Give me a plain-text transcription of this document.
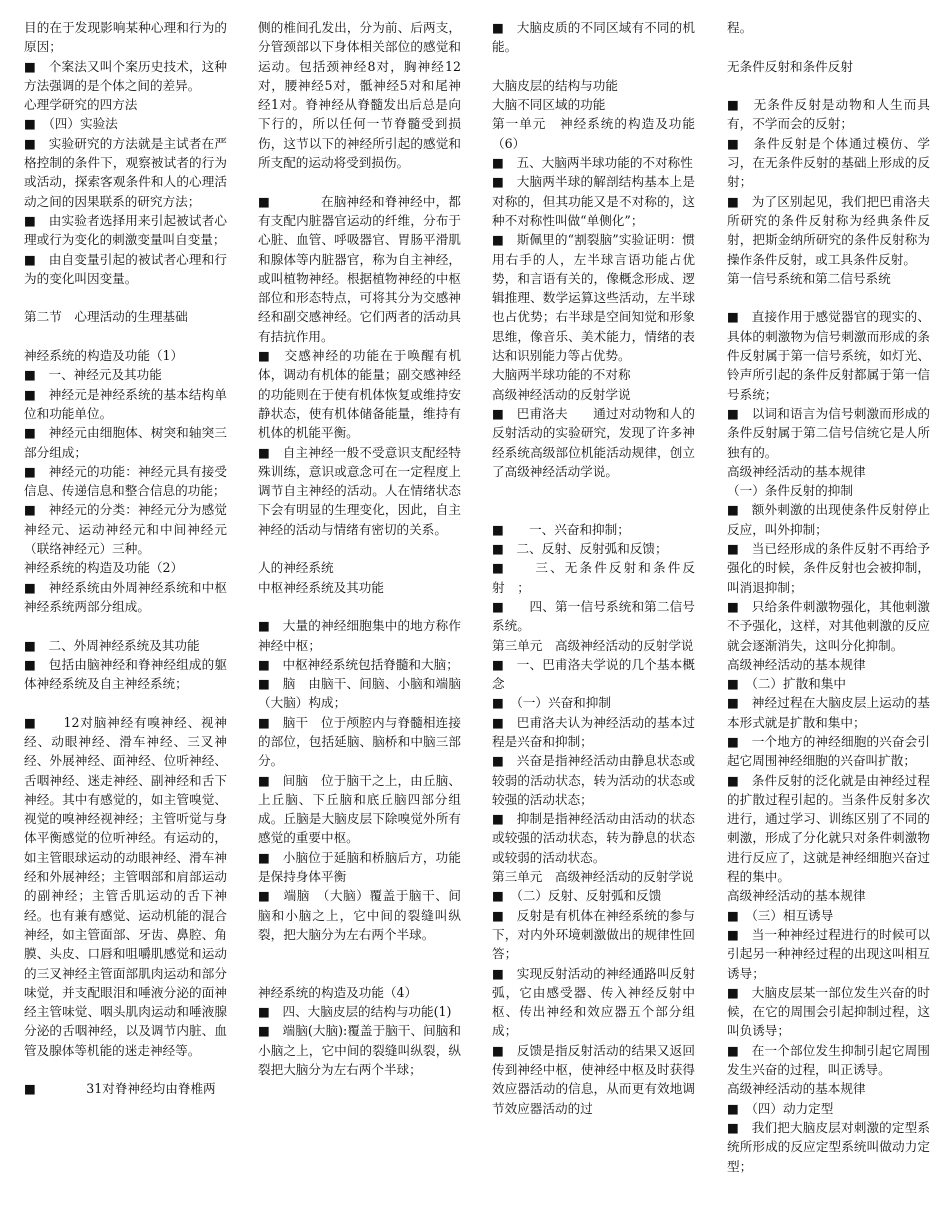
目的在于发现影响某种心理和行为的原因；

■　个案法又叫个案历史技术，这种方法强调的是个体之间的差异。

心理学研究的四方法

■　（四）实验法

■　实验研究的方法就是主试者在严格控制的条件下，观察被试者的行为或活动，探索客观条件和人的心理活动之间的因果联系的研究方法；

■　由实验者选择用来引起被试者心理或行为变化的刺激变量叫自变量；

■　由自变量引起的被试者心理和行为的变化叫因变量。

第二节　心理活动的生理基础

神经系统的构造及功能（1）

■　一、神经元及其功能

■　神经元是神经系统的基本结构单位和功能单位。

■　神经元由细胞体、树突和轴突三部分组成；

■　神经元的功能：神经元具有接受信息、传递信息和整合信息的功能；

■　神经元的分类：神经元分为感觉神经元、运动神经元和中间神经元（联络神经元）三种。

神经系统的构造及功能（2）

■　神经系统由外周神经系统和中枢神经系统两部分组成。

■　二、外周神经系统及其功能

■　包括由脑神经和脊神经组成的躯体神经系统及自主神经系统；

■　　12对脑神经有嗅神经、视神经、动眼神经、滑车神经、三叉神经、外展神经、面神经、位听神经、舌咽神经、迷走神经、副神经和舌下神经。其中有感觉的，如主管嗅觉、视觉的嗅神经视神经；主管听觉与身体平衡感觉的位听神经。有运动的，如主管眼球运动的动眼神经、滑车神经和外展神经；主管咽部和肩部运动的副神经；主管舌肌运动的舌下神经。也有兼有感觉、运动机能的混合神经，如主管面部、牙齿、鼻腔、角膜、头皮、口唇和咀嚼肌感觉和运动的三叉神经主管面部肌肉运动和部分味觉，并支配眼泪和唾液分泌的面神经主管味觉、咽头肌肉运动和唾液腺分泌的舌咽神经，以及调节内脏、血管及腺体等机能的迷走神经等。

■　　　　31对脊神经均由脊椎两

侧的椎间孔发出，分为前、后两支，分管颈部以下身体相关部位的感觉和运动。包括颈神经8对，胸神经12对，腰神经5对，骶神经5对和尾神经1对。脊神经从脊髓发出后总是向下行的，所以任何一节脊髓受到损伤，这节以下的神经所引起的感觉和所支配的运动将受到损伤。

■　　　　在脑神经和脊神经中，都有支配内脏器官运动的纤维，分布于心脏、血管、呼吸器官、胃肠平滑肌和腺体等内脏器官，称为自主神经，或叫植物神经。根据植物神经的中枢部位和形态特点，可将其分为交感神经和副交感神经。它们两者的活动具有拮抗作用。

■　交感神经的功能在于唤醒有机体，调动有机体的能量；副交感神经的功能则在于使有机体恢复或维持安静状态，使有机体储备能量，维持有机体的机能平衡。

■　自主神经一般不受意识支配经特殊训练，意识或意念可在一定程度上调节自主神经的活动。人在情绪状态下会有明显的生理变化，因此，自主神经的活动与情绪有密切的关系。

人的神经系统

中枢神经系统及其功能

■　大量的神经细胞集中的地方称作神经中枢；

■　中枢神经系统包括脊髓和大脑；

■　脑　由脑干、间脑、小脑和端脑（大脑）构成；

■　脑干　位于颅腔内与脊髓相连接的部位，包括延脑、脑桥和中脑三部分。

■　间脑　位于脑干之上，由丘脑、上丘脑、下丘脑和底丘脑四部分组成。丘脑是大脑皮层下除嗅觉外所有感觉的重要中枢。

■　小脑位于延脑和桥脑后方，功能是保持身体平衡

■　端脑　（大脑）覆盖于脑干、间脑和小脑之上，它中间的裂缝叫纵裂，把大脑分为左右两个半球。

神经系统的构造及功能（4）

■　四、大脑皮层的结构与功能(1)

■　端脑(大脑):覆盖于脑干、间脑和小脑之上，它中间的裂缝叫纵裂，纵裂把大脑分为左右两个半球；

■　大脑皮质的不同区域有不同的机能。

大脑皮层的结构与功能

大脑不同区域的功能

第一单元　神经系统的构造及功能（6）

■　五、大脑两半球功能的不对称性

■　大脑两半球的解剖结构基本上是对称的，但其功能又是不对称的，这种不对称性叫做“单侧化”；

■　斯佩里的“割裂脑”实验证明：惯用右手的人，左半球言语功能占优势，和言语有关的，像概念形成、逻辑推理、数学运算这些活动，左半球也占优势；右半球是空间知觉和形象思维，像音乐、美术能力，情绪的表达和识别能力等占优势。

大脑两半球功能的不对称

高级神经活动的反射学说

■　巴甫洛夫　　通过对动物和人的反射活动的实验研究，发现了许多神经系统高级部位机能活动规律，创立了高级神经活动学说。

■　　一、兴奋和抑制；

■　二、反射、反射弧和反馈；

■　　三、无条件反射和条件反射　；

■　　四、第一信号系统和第二信号系统。

第三单元　高级神经活动的反射学说

■　一、巴甫洛夫学说的几个基本概念

■　（一）兴奋和抑制

■　巴甫洛夫认为神经活动的基本过程是兴奋和抑制；

■　兴奋是指神经活动由静息状态或较弱的活动状态，转为活动的状态或较强的活动状态；

■　抑制是指神经活动由活动的状态或较强的活动状态，转为静息的状态或较弱的活动状态。

第三单元　高级神经活动的反射学说

■　（二）反射、反射弧和反馈

■　反射是有机体在神经系统的参与下，对内外环境刺激做出的规律性回答；

■　实现反射活动的神经通路叫反射弧，它由感受器、传入神经反射中枢、传出神经和效应器五个部分组成；

■　反馈是指反射活动的结果又返回传到神经中枢，使神经中枢及时获得效应器活动的信息，从而更有效地调节效应器活动的过

程。

无条件反射和条件反射

■　无条件反射是动物和人生而具有，不学而会的反射；

■　条件反射是个体通过模仿、学习，在无条件反射的基础上形成的反射；

■　为了区别起见，我们把巴甫洛夫所研究的条件反射称为经典条件反射，把斯金纳所研究的条件反射称为操作条件反射，或工具条件反射。

第一信号系统和第二信号系统

■　直接作用于感觉器官的现实的、具体的刺激物为信号刺激而形成的条件反射属于第一信号系统，如灯光、铃声所引起的条件反射都属于第一信号系统；

■　以词和语言为信号刺激而形成的条件反射属于第二信号信统它是人所独有的。

高级神经活动的基本规律

（一）条件反射的抑制

■　额外刺激的出现使条件反射停止反应，叫外抑制；

■　当已经形成的条件反射不再给予强化的时候，条件反射也会被抑制，叫消退抑制；

■　只给条件刺激物强化，其他刺激不予强化，这样，对其他刺激的反应就会逐渐消失，这叫分化抑制。

高级神经活动的基本规律

■　（二）扩散和集中

■　神经过程在大脑皮层上运动的基本形式就是扩散和集中；

■　一个地方的神经细胞的兴奋会引起它周围神经细胞的兴奋叫扩散；

■　条件反射的泛化就是由神经过程的扩散过程引起的。当条件反射多次进行，通过学习、训练区别了不同的刺激，形成了分化就只对条件刺激物进行反应了，这就是神经细胞兴奋过程的集中。

高级神经活动的基本规律

■　（三）相互诱导

■　当一种神经过程进行的时候可以引起另一种神经过程的出现这叫相互诱导；

■　大脑皮层某一部位发生兴奋的时候，在它的周围会引起抑制过程，这叫负诱导；

■　在一个部位发生抑制引起它周围发生兴奋的过程，叫正诱导。

高级神经活动的基本规律

■　（四）动力定型

■　我们把大脑皮层对刺激的定型系统所形成的反应定型系统叫做动力定型；
